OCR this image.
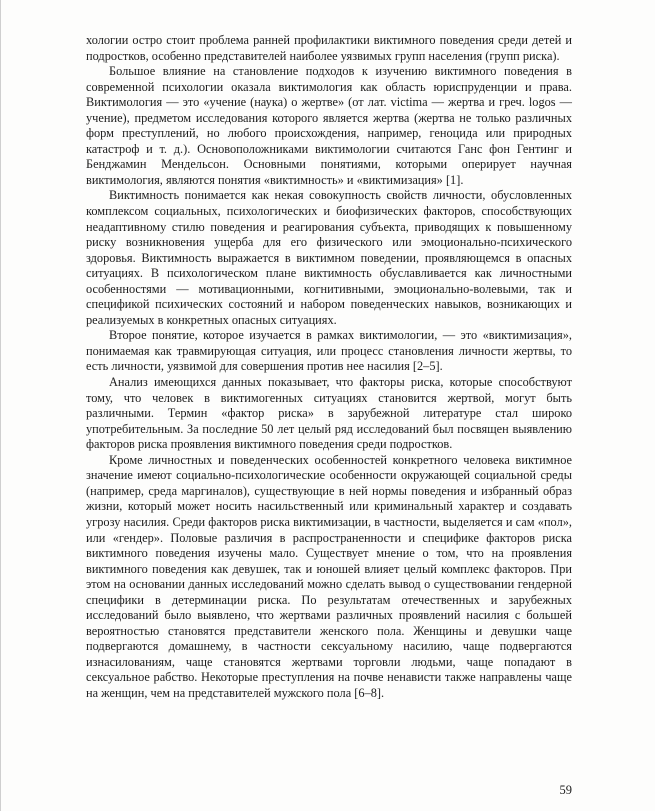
хологии остро стоит проблема ранней профилактики виктимного поведения среди детей и подростков, особенно представителей наиболее уязвимых групп населения (групп риска).

Большое влияние на становление подходов к изучению виктимного поведения в современной психологии оказала виктимология как область юриспруденции и права. Виктимология — это «учение (наука) о жертве» (от лат. victima — жертва и греч. logos — учение), предметом исследования которого является жертва (жертва не только различных форм преступлений, но любого происхождения, например, геноцида или природных катастроф и т. д.). Основоположниками виктимологии считаются Ганс фон Гентинг и Бенджамин Мендельсон. Основными понятиями, которыми оперирует научная виктимология, являются понятия «виктимность» и «виктимизация» [1].

Виктимность понимается как некая совокупность свойств личности, обусловленных комплексом социальных, психологических и биофизических факторов, способствующих неадаптивному стилю поведения и реагирования субъекта, приводящих к повышенному риску возникновения ущерба для его физического или эмоционально-психического здоровья. Виктимность выражается в виктимном поведении, проявляющемся в опасных ситуациях. В психологическом плане виктимность обуславливается как личностными особенностями — мотивационными, когнитивными, эмоционально-волевыми, так и спецификой психических состояний и набором поведенческих навыков, возникающих и реализуемых в конкретных опасных ситуациях.

Второе понятие, которое изучается в рамках виктимологии, — это «виктимизация», понимаемая как травмирующая ситуация, или процесс становления личности жертвы, то есть личности, уязвимой для совершения против нее насилия [2–5].

Анализ имеющихся данных показывает, что факторы риска, которые способствуют тому, что человек в виктимогенных ситуациях становится жертвой, могут быть различными. Термин «фактор риска» в зарубежной литературе стал широко употребительным. За последние 50 лет целый ряд исследований был посвящен выявлению факторов риска проявления виктимного поведения среди подростков.

Кроме личностных и поведенческих особенностей конкретного человека виктимное значение имеют социально-психологические особенности окружающей социальной среды (например, среда маргиналов), существующие в ней нормы поведения и избранный образ жизни, который может носить насильственный или криминальный характер и создавать угрозу насилия. Среди факторов риска виктимизации, в частности, выделяется и сам «пол», или «гендер». Половые различия в распространенности и специфике факторов риска виктимного поведения изучены мало. Существует мнение о том, что на проявления виктимного поведения как девушек, так и юношей влияет целый комплекс факторов. При этом на основании данных исследований можно сделать вывод о существовании гендерной специфики в детерминации риска. По результатам отечественных и зарубежных исследований было выявлено, что жертвами различных проявлений насилия с большей вероятностью становятся представители женского пола. Женщины и девушки чаще подвергаются домашнему, в частности сексуальному насилию, чаще подвергаются изнасилованиям, чаще становятся жертвами торговли людьми, чаще попадают в сексуальное рабство. Некоторые преступления на почве ненависти также направлены чаще на женщин, чем на представителей мужского пола [6–8].

59
